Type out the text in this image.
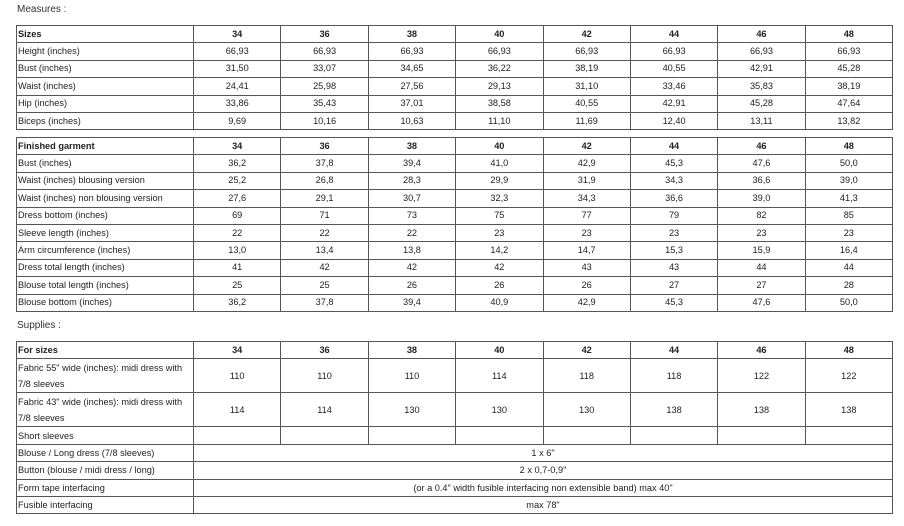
Measures :
Sizes	34	36	38	40	42	44	46	48
Height (inches)	66,93	66,93	66,93	66,93	66,93	66,93	66,93	66,93
Bust (inches)	31,50	33,07	34,65	36,22	38,19	40,55	42,91	45,28
Waist (inches)	24,41	25,98	27,56	29,13	31,10	33,46	35,83	38,19
Hip (inches)	33,86	35,43	37,01	38,58	40,55	42,91	45,28	47,64
Biceps (inches)	9,69	10,16	10,63	11,10	11,69	12,40	13,11	13,82
Finished garment	34	36	38	40	42	44	46	48
Bust (inches)	36,2	37,8	39,4	41,0	42,9	45,3	47,6	50,0
Waist (inches) blousing version	25,2	26,8	28,3	29,9	31,9	34,3	36,6	39,0
Waist (inches) non blousing version	27,6	29,1	30,7	32,3	34,3	36,6	39,0	41,3
Dress bottom (inches)	69	71	73	75	77	79	82	85
Sleeve length (inches)	22	22	22	23	23	23	23	23
Arm circumference (inches)	13,0	13,4	13,8	14,2	14,7	15,3	15,9	16,4
Dress total length (inches)	41	42	42	42	43	43	44	44
Blouse total length (inches)	25	25	26	26	26	27	27	28
Blouse bottom (inches)	36,2	37,8	39,4	40,9	42,9	45,3	47,6	50,0
Supplies :
For sizes	34	36	38	40	42	44	46	48
Fabric 55" wide (inches): midi dress with 7/8 sleeves	110	110	110	114	118	118	122	122
Fabric 43" wide (inches): midi dress with 7/8 sleeves	114	114	130	130	130	138	138	138
Short sleeves								
Blouse / Long dress (7/8 sleeves)	1 x 6"							
Button (blouse / midi dress / long)	2 x 0,7-0,9"							
Form tape interfacing	(or a 0.4" width fusible interfacing non extensible band) max 40"							
Fusible interfacing	max 78"							
